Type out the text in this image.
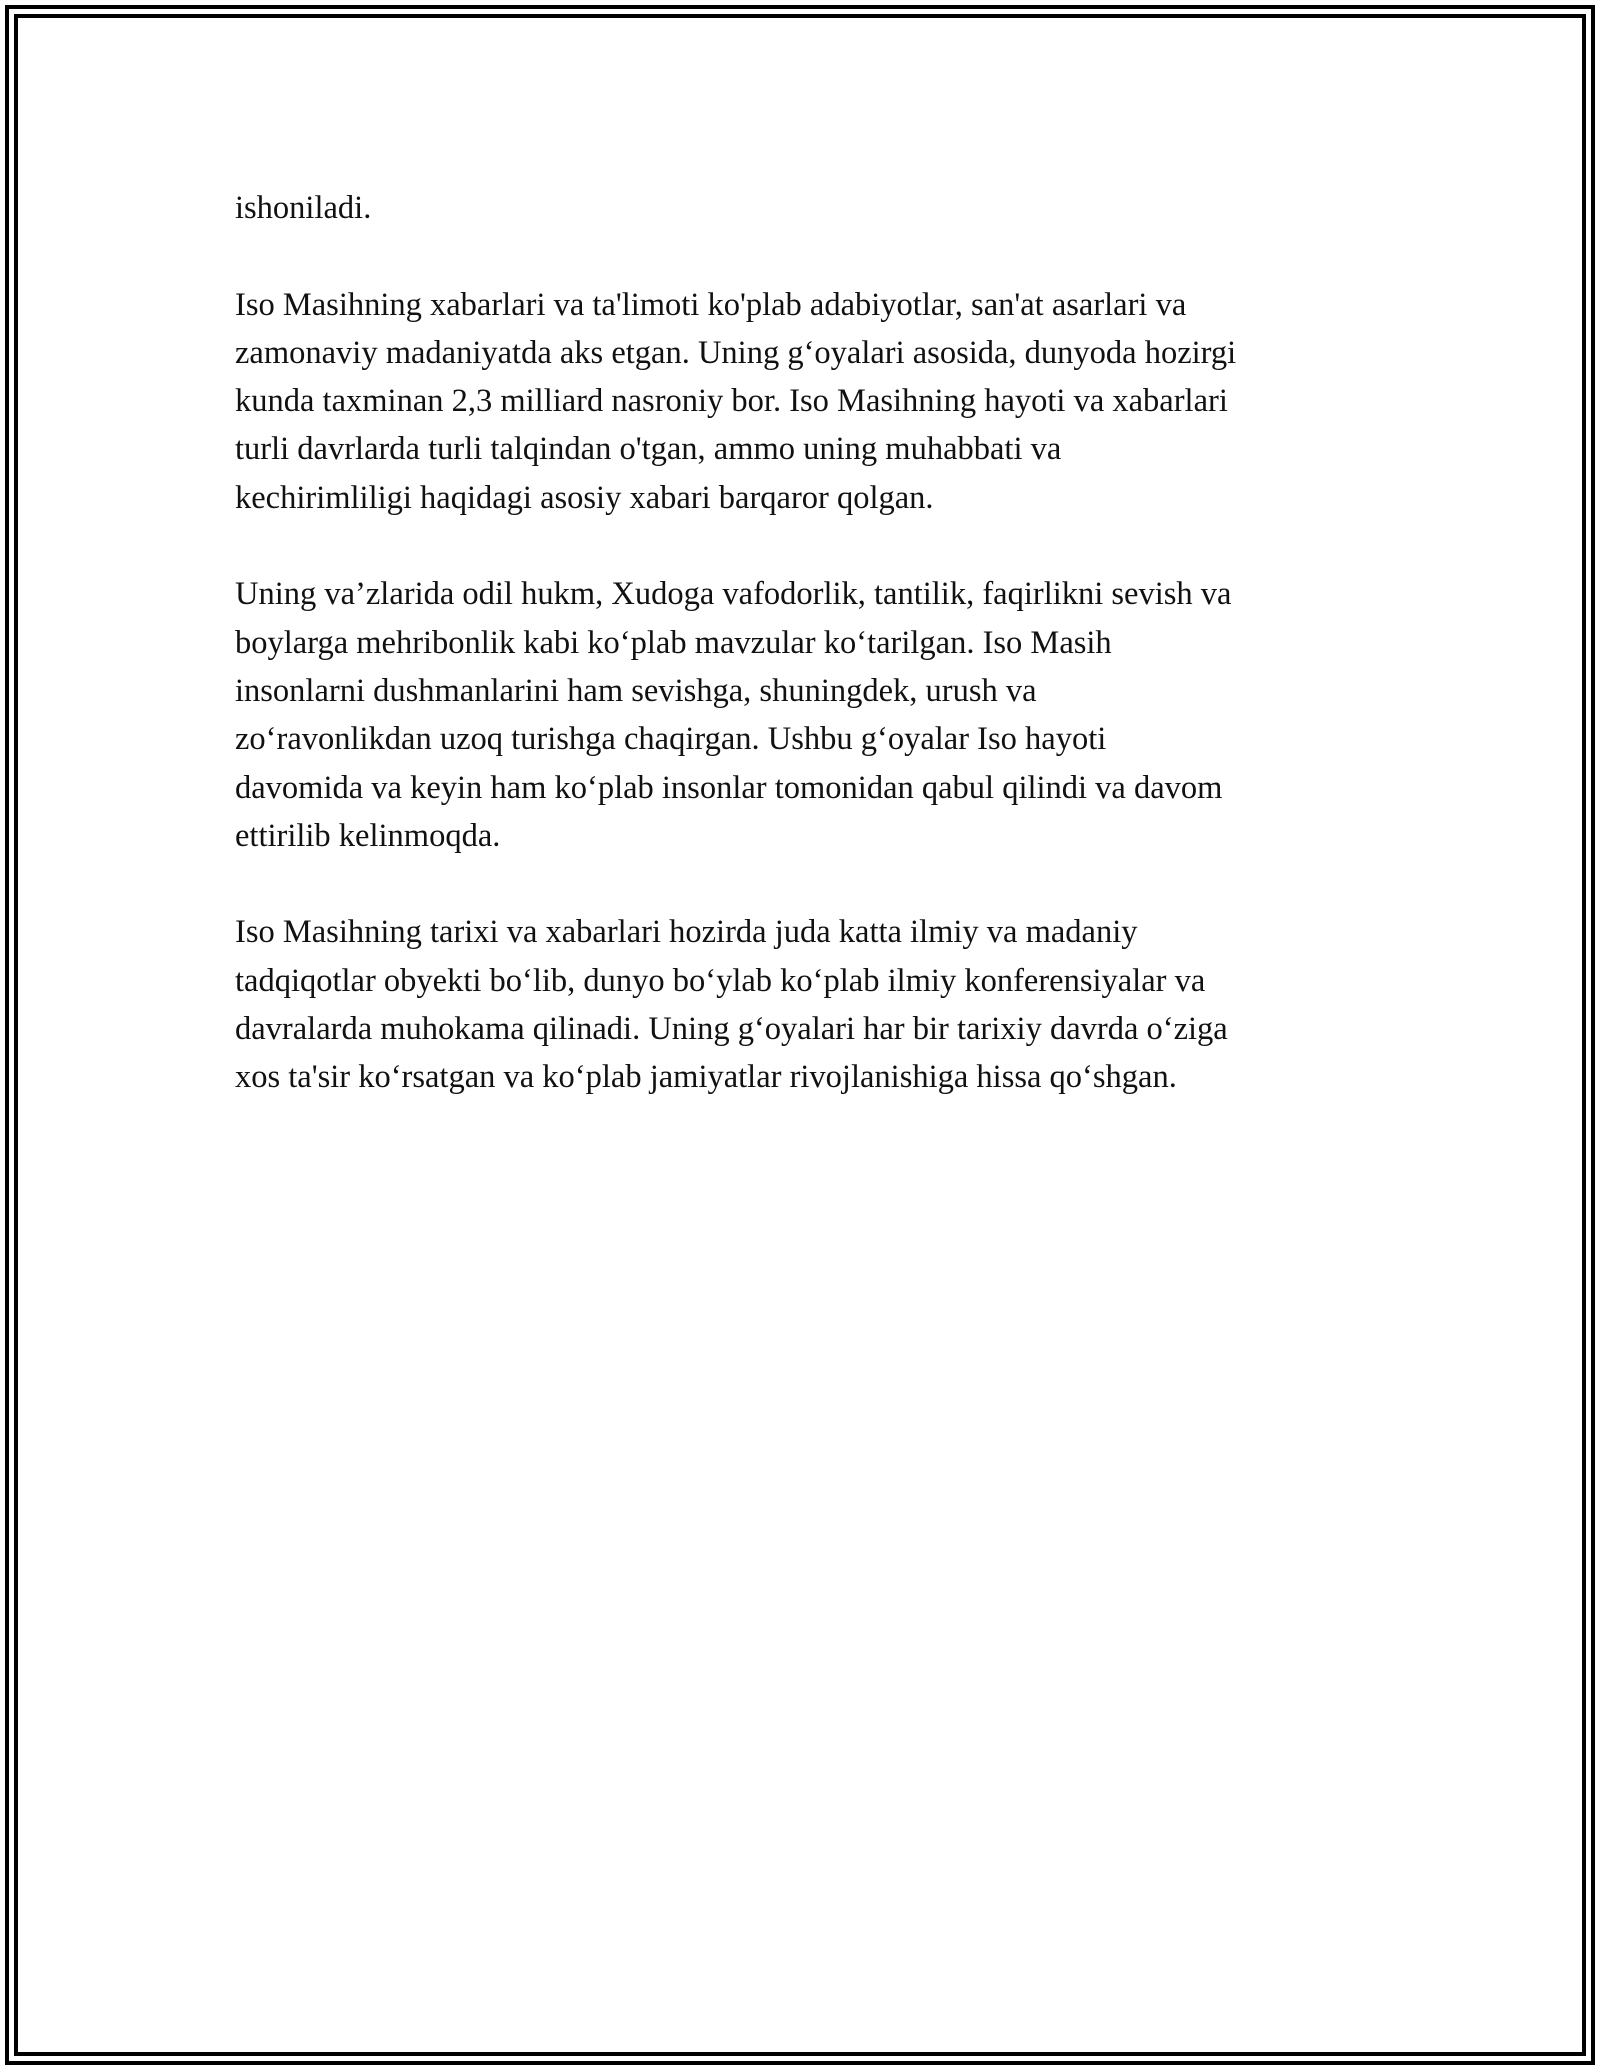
ishoniladi.

Iso Masihning xabarlari va ta'limoti ko'plab adabiyotlar, san'at asarlari va
zamonaviy madaniyatda aks etgan. Uning g‘oyalari asosida, dunyoda hozirgi
kunda taxminan 2,3 milliard nasroniy bor. Iso Masihning hayoti va xabarlari
turli davrlarda turli talqindan o'tgan, ammo uning muhabbati va
kechirimliligi haqidagi asosiy xabari barqaror qolgan.

Uning va’zlarida odil hukm, Xudoga vafodorlik, tantilik, faqirlikni sevish va
boylarga mehribonlik kabi ko‘plab mavzular ko‘tarilgan. Iso Masih
insonlarni dushmanlarini ham sevishga, shuningdek, urush va
zo‘ravonlikdan uzoq turishga chaqirgan. Ushbu g‘oyalar Iso hayoti
davomida va keyin ham ko‘plab insonlar tomonidan qabul qilindi va davom
ettirilib kelinmoqda.

Iso Masihning tarixi va xabarlari hozirda juda katta ilmiy va madaniy
tadqiqotlar obyekti bo‘lib, dunyo bo‘ylab ko‘plab ilmiy konferensiyalar va
davralarda muhokama qilinadi. Uning g‘oyalari har bir tarixiy davrda o‘ziga
xos ta'sir ko‘rsatgan va ko‘plab jamiyatlar rivojlanishiga hissa qo‘shgan.
